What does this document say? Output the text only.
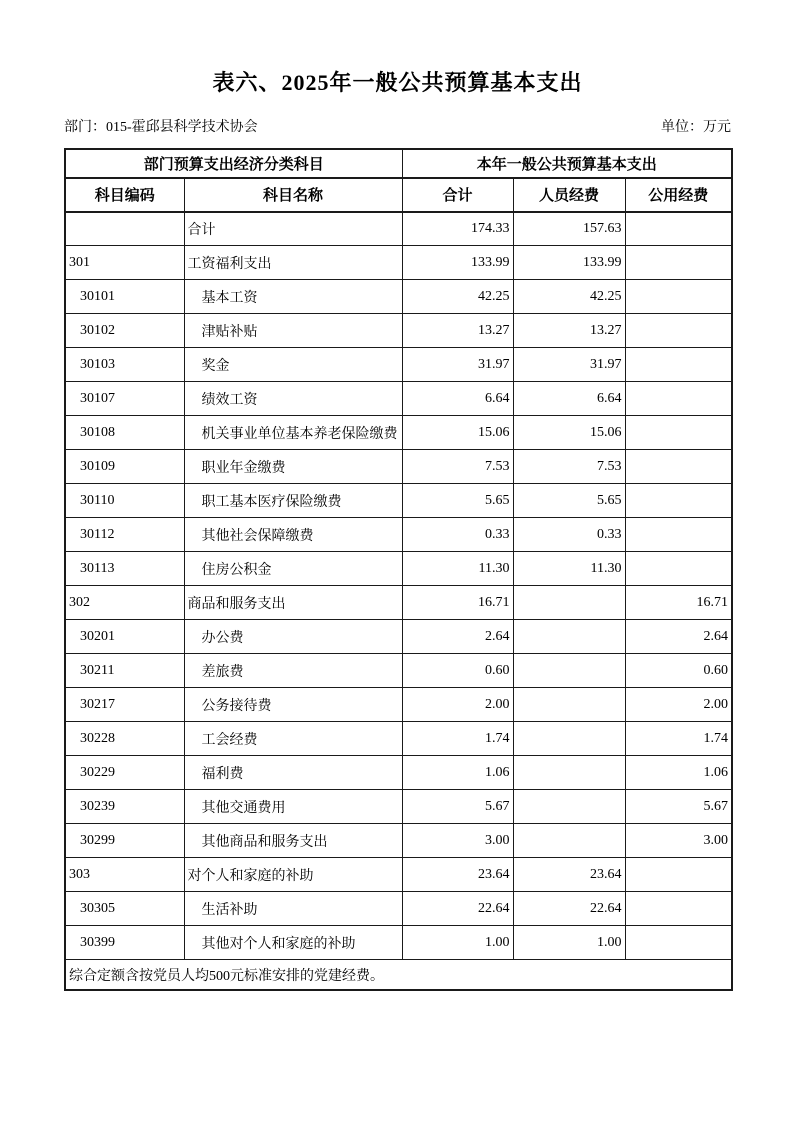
表六、2025年一般公共预算基本支出
部门：015-霍邱县科学技术协会	单位：万元
部门预算支出经济分类科目		本年一般公共预算基本支出		
科目编码	科目名称	合计	人员经费	公用经费
	合计	174.33	157.63	
301	工资福利支出	133.99	133.99	
30101	基本工资	42.25	42.25	
30102	津贴补贴	13.27	13.27	
30103	奖金	31.97	31.97	
30107	绩效工资	6.64	6.64	
30108	机关事业单位基本养老保险缴费	15.06	15.06	
30109	职业年金缴费	7.53	7.53	
30110	职工基本医疗保险缴费	5.65	5.65	
30112	其他社会保障缴费	0.33	0.33	
30113	住房公积金	11.30	11.30	
302	商品和服务支出	16.71		16.71
30201	办公费	2.64		2.64
30211	差旅费	0.60		0.60
30217	公务接待费	2.00		2.00
30228	工会经费	1.74		1.74
30229	福利费	1.06		1.06
30239	其他交通费用	5.67		5.67
30299	其他商品和服务支出	3.00		3.00
303	对个人和家庭的补助	23.64	23.64	
30305	生活补助	22.64	22.64	
30399	其他对个人和家庭的补助	1.00	1.00	
综合定额含按党员人均500元标准安排的党建经费。				
